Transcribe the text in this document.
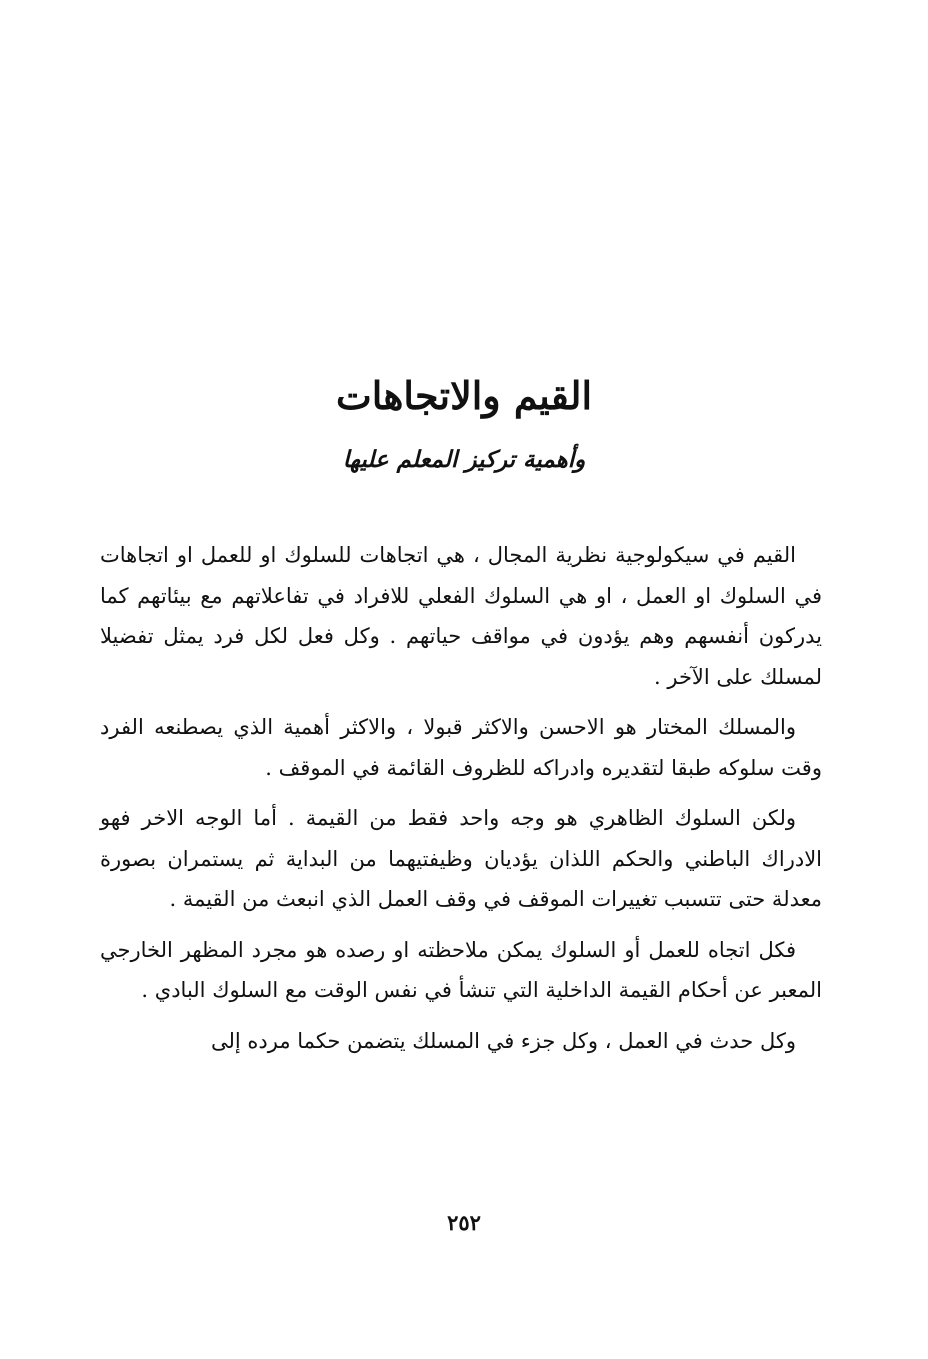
القيم والاتجاهات
وأهمية تركيز المعلم عليها

القيم في سيكولوجية نظرية المجال ، هي اتجاهات للسلوك او للعمل او اتجاهات في السلوك او العمل ، او هي السلوك الفعلي للافراد في تفاعلاتهم مع بيئاتهم كما يدركون أنفسهم وهم يؤدون في مواقف حياتهم . وكل فعل لكل فرد يمثل تفضيلا لمسلك على الآخر .

والمسلك المختار هو الاحسن والاكثر قبولا ، والاكثر أهمية الذي يصطنعه الفرد وقت سلوكه طبقا لتقديره وادراكه للظروف القائمة في الموقف .

ولكن السلوك الظاهري هو وجه واحد فقط من القيمة . أما الوجه الاخر فهو الادراك الباطني والحكم اللذان يؤديان وظيفتيهما من البداية ثم يستمران بصورة معدلة حتى تتسبب تغييرات الموقف في وقف العمل الذي انبعث من القيمة .

فكل اتجاه للعمل أو السلوك يمكن ملاحظته او رصده هو مجرد المظهر الخارجي المعبر عن أحكام القيمة الداخلية التي تنشأ في نفس الوقت مع السلوك البادي .

وكل حدث في العمل ، وكل جزء في المسلك يتضمن حكما مرده إلى

٢٥٢
